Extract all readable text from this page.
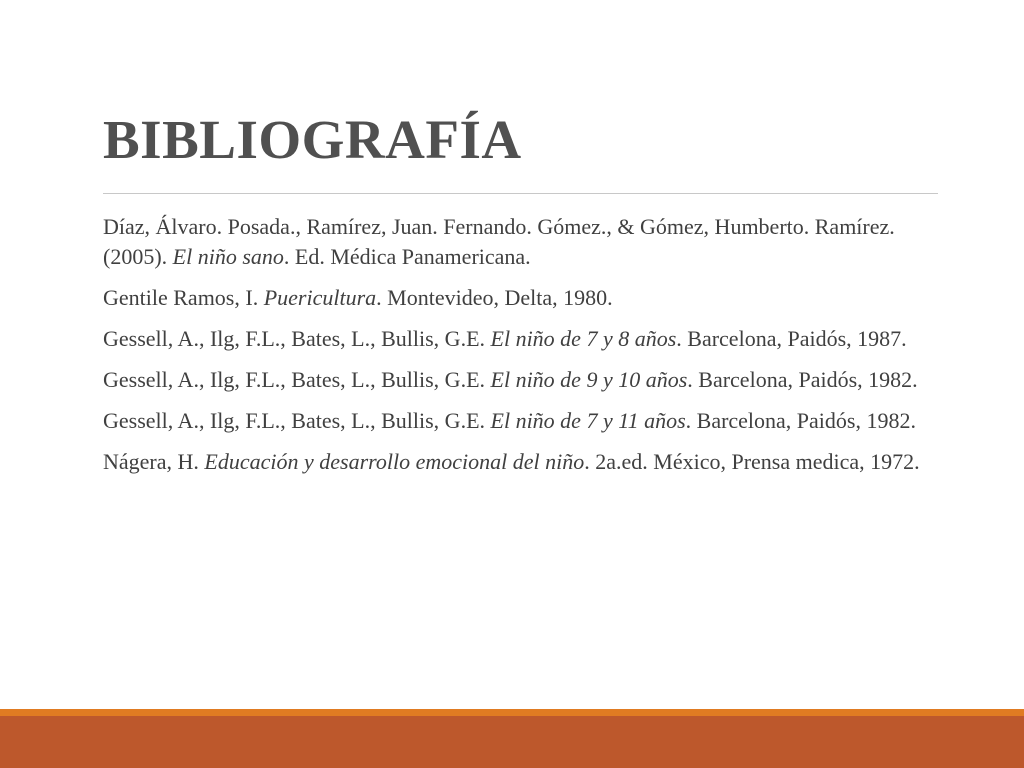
BIBLIOGRAFÍA

Díaz, Álvaro. Posada., Ramírez, Juan. Fernando. Gómez., & Gómez, Humberto. Ramírez. (2005). El niño sano. Ed. Médica Panamericana.

Gentile Ramos, I. Puericultura. Montevideo, Delta, 1980.

Gessell, A., Ilg, F.L., Bates, L., Bullis, G.E. El niño de 7 y 8 años. Barcelona, Paidós, 1987.

Gessell, A., Ilg, F.L., Bates, L., Bullis, G.E. El niño de 9 y 10 años. Barcelona, Paidós, 1982.

Gessell, A., Ilg, F.L., Bates, L., Bullis, G.E. El niño de 7 y 11 años. Barcelona, Paidós, 1982.

Nágera, H. Educación y desarrollo emocional del niño. 2a.ed. México, Prensa medica, 1972.
